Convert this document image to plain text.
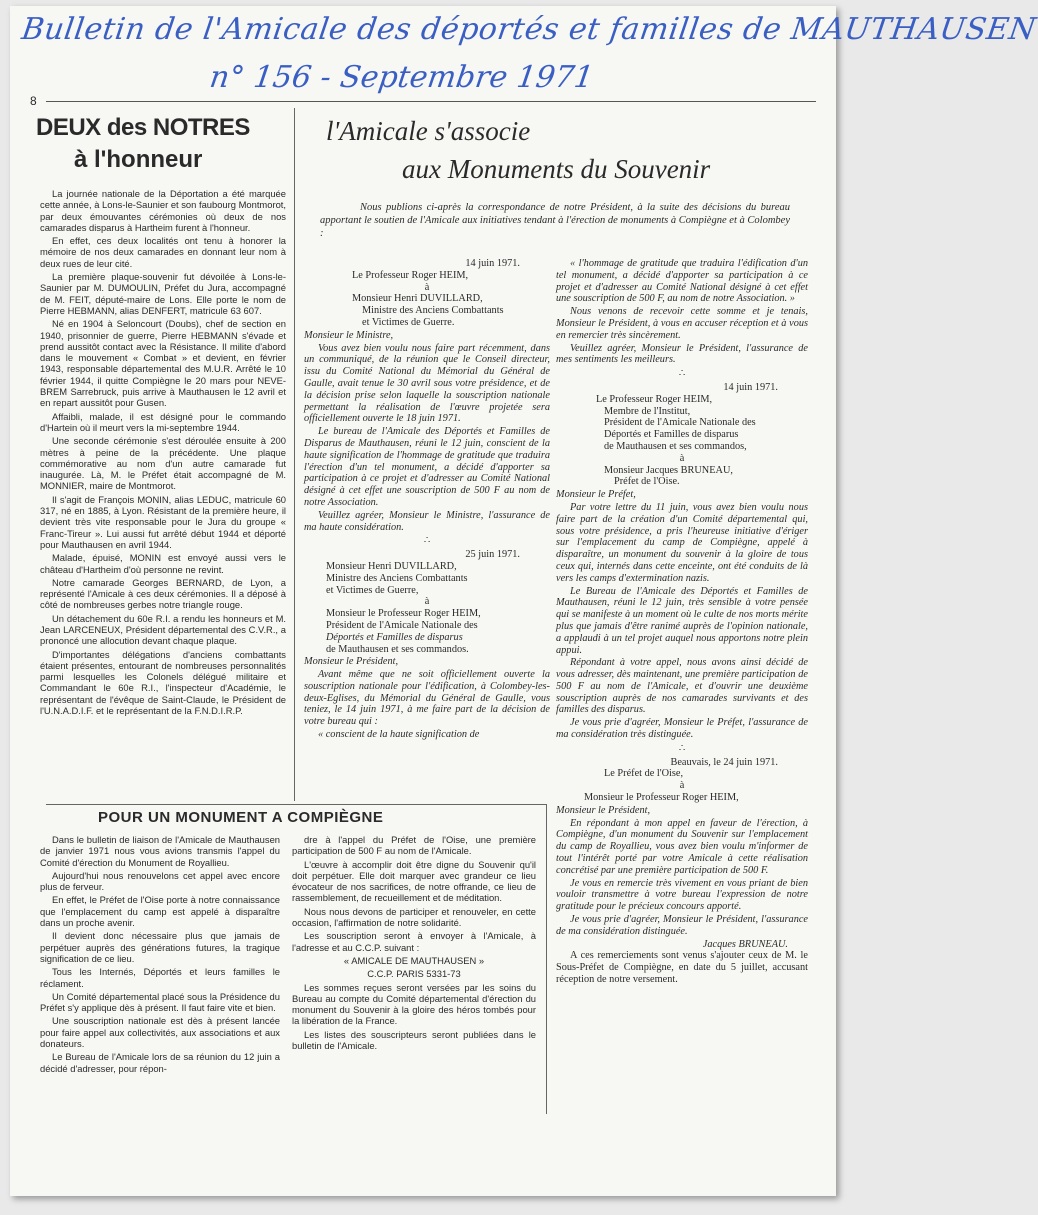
Bulletin de l'Amicale des déportés et familles de MAUTHAUSEN
n° 156 - Septembre 1971
8
DEUX des NOTRES
à l'honneur

La journée nationale de la Déportation a été marquée cette année, à Lons-le-Saunier et son faubourg Montmorot, par deux émouvantes cérémonies où deux de nos camarades disparus à Hartheim furent à l'honneur.

En effet, ces deux localités ont tenu à honorer la mémoire de nos deux camarades en donnant leur nom à deux rues de leur cité.

La première plaque-souvenir fut dévoilée à Lons-le-Saunier par M. DUMOULIN, Préfet du Jura, accompagné de M. FEIT, député-maire de Lons. Elle porte le nom de Pierre HEBMANN, alias DENFERT, matricule 63 607.

Né en 1904 à Seloncourt (Doubs), chef de section en 1940, prisonnier de guerre, Pierre HEBMANN s'évade et prend aussitôt contact avec la Résistance. Il milite d'abord dans le mouvement « Combat » et devient, en février 1943, responsable départemental des M.U.R. Arrêté le 10 février 1944, il quitte Compiègne le 20 mars pour NEVE-BREM Sarrebruck, puis arrive à Mauthausen le 12 avril et en repart aussitôt pour Gusen.

Affaibli, malade, il est désigné pour le commando d'Hartein où il meurt vers la mi-septembre 1944.

Une seconde cérémonie s'est déroulée ensuite à 200 mètres à peine de la précédente. Une plaque commémorative au nom d'un autre camarade fut inaugurée. Là, M. le Préfet était accompagné de M. MONNIER, maire de Montmorot.

Il s'agit de François MONIN, alias LEDUC, matricule 60 317, né en 1885, à Lyon. Résistant de la première heure, il devient très vite responsable pour le Jura du groupe « Franc-Tireur ». Lui aussi fut arrêté début 1944 et déporté pour Mauthausen en avril 1944.

Malade, épuisé, MONIN est envoyé aussi vers le château d'Hartheim d'où personne ne revint.

Notre camarade Georges BERNARD, de Lyon, a représenté l'Amicale à ces deux cérémonies. Il a déposé à côté de nombreuses gerbes notre triangle rouge.

Un détachement du 60e R.I. a rendu les honneurs et M. Jean LARCENEUX, Président départemental des C.V.R., a prononcé une allocution devant chaque plaque.

D'importantes délégations d'anciens combattants étaient présentes, entourant de nombreuses personnalités parmi lesquelles les Colonels délégué militaire et Commandant le 60e R.I., l'inspecteur d'Académie, le représentant de l'évêque de Saint-Claude, le Président de l'U.N.A.D.I.F. et le représentant de la F.N.D.I.R.P.

l'Amicale s'associe
aux Monuments du Souvenir
Nous publions ci-après la correspondance de notre Président, à la suite des décisions du bureau apportant le soutien de l'Amicale aux initiatives tendant à l'érection de monuments à Compiègne et à Colombey :
14 juin 1971.
Le Professeur Roger HEIM,
à
Monsieur Henri DUVILLARD,
Ministre des Anciens Combattants
et Victimes de Guerre.
Monsieur le Ministre,

Vous avez bien voulu nous faire part récemment, dans un communiqué, de la réunion que le Conseil directeur, issu du Comité National du Mémorial du Général de Gaulle, avait tenue le 30 avril sous votre présidence, et de la décision prise selon laquelle la souscription nationale permettant la réalisation de l'œuvre projetée sera officiellement ouverte le 18 juin 1971.

Le bureau de l'Amicale des Déportés et Familles de Disparus de Mauthausen, réuni le 12 juin, conscient de la haute signification de l'hommage de gratitude que traduira l'érection d'un tel monument, a décidé d'apporter sa participation à ce projet et d'adresser au Comité National désigné à cet effet une souscription de 500 F au nom de notre Association.

Veuillez agréer, Monsieur le Ministre, l'assurance de ma haute considération.

∴
25 juin 1971.
Monsieur Henri DUVILLARD,
Ministre des Anciens Combattants
et Victimes de Guerre,
à
Monsieur le Professeur Roger HEIM,
Président de l'Amicale Nationale des
Déportés et Familles de disparus
de Mauthausen et ses commandos.
Monsieur le Président,

Avant même que ne soit officiellement ouverte la souscription nationale pour l'édification, à Colombey-les-deux-Eglises, du Mémorial du Général de Gaulle, vous teniez, le 14 juin 1971, à me faire part de la décision de votre bureau qui :

« conscient de la haute signification de

« l'hommage de gratitude que traduira l'édification d'un tel monument, a décidé d'apporter sa participation à ce projet et d'adresser au Comité National désigné à cet effet une souscription de 500 F, au nom de notre Association. »

Nous venons de recevoir cette somme et je tenais, Monsieur le Président, à vous en accuser réception et à vous en remercier très sincèrement.

Veuillez agréer, Monsieur le Président, l'assurance de mes sentiments les meilleurs.

∴
14 juin 1971.
Le Professeur Roger HEIM,
Membre de l'Institut,
Président de l'Amicale Nationale des
Déportés et Familles de disparus
de Mauthausen et ses commandos,
à
Monsieur Jacques BRUNEAU,
Préfet de l'Oise.
Monsieur le Préfet,

Par votre lettre du 11 juin, vous avez bien voulu nous faire part de la création d'un Comité départemental qui, sous votre présidence, a pris l'heureuse initiative d'ériger sur l'emplacement du camp de Compiègne, appelé à disparaître, un monument du souvenir à la gloire de tous ceux qui, internés dans cette enceinte, ont été conduits de là vers les camps d'extermination nazis.

Le Bureau de l'Amicale des Déportés et Familles de Mauthausen, réuni le 12 juin, très sensible à votre pensée qui se manifeste à un moment où le culte de nos morts mérite plus que jamais d'être ranimé auprès de l'opinion nationale, a applaudi à un tel projet auquel nous apportons notre plein appui.

Répondant à votre appel, nous avons ainsi décidé de vous adresser, dès maintenant, une première participation de 500 F au nom de l'Amicale, et d'ouvrir une deuxième souscription auprès de nos camarades survivants et des familles des disparus.

Je vous prie d'agréer, Monsieur le Préfet, l'assurance de ma considération très distinguée.

∴
Beauvais, le 24 juin 1971.
Le Préfet de l'Oise,
à
Monsieur le Professeur Roger HEIM,
Monsieur le Président,

En répondant à mon appel en faveur de l'érection, à Compiègne, d'un monument du Souvenir sur l'emplacement du camp de Royallieu, vous avez bien voulu m'informer de tout l'intérêt porté par votre Amicale à cette réalisation concrétisé par une première participation de 500 F.

Je vous en remercie très vivement en vous priant de bien vouloir transmettre à votre bureau l'expression de notre gratitude pour le précieux concours apporté.

Je vous prie d'agréer, Monsieur le Président, l'assurance de ma considération distinguée.

Jacques BRUNEAU.
A ces remerciements sont venus s'ajouter ceux de M. le Sous-Préfet de Compiègne, en date du 5 juillet, accusant réception de notre versement.
POUR UN MONUMENT A COMPIÈGNE

Dans le bulletin de liaison de l'Amicale de Mauthausen de janvier 1971 nous vous avions transmis l'appel du Comité d'érection du Monument de Royallieu.

Aujourd'hui nous renouvelons cet appel avec encore plus de ferveur.

En effet, le Préfet de l'Oise porte à notre connaissance que l'emplacement du camp est appelé à disparaître dans un proche avenir.

Il devient donc nécessaire plus que jamais de perpétuer auprès des générations futures, la tragique signification de ce lieu.

Tous les Internés, Déportés et leurs familles le réclament.

Un Comité départemental placé sous la Présidence du Préfet s'y applique dès à présent. Il faut faire vite et bien.

Une souscription nationale est dès à présent lancée pour faire appel aux collectivités, aux associations et aux donateurs.

Le Bureau de l'Amicale lors de sa réunion du 12 juin a décidé d'adresser, pour répon-

dre à l'appel du Préfet de l'Oise, une première participation de 500 F au nom de l'Amicale.

L'œuvre à accomplir doit être digne du Souvenir qu'il doit perpétuer. Elle doit marquer avec grandeur ce lieu évocateur de nos sacrifices, de notre offrande, ce lieu de rassemblement, de recueillement et de méditation.

Nous nous devons de participer et renouveler, en cette occasion, l'affirmation de notre solidarité.

Les souscription seront à envoyer à l'Amicale, à l'adresse et au C.C.P. suivant :

« AMICALE DE MAUTHAUSEN »

C.C.P. PARIS 5331-73

Les sommes reçues seront versées par les soins du Bureau au compte du Comité départemental d'érection du monument du Souvenir à la gloire des héros tombés pour la libération de la France.

Les listes des souscripteurs seront publiées dans le bulletin de l'Amicale.
